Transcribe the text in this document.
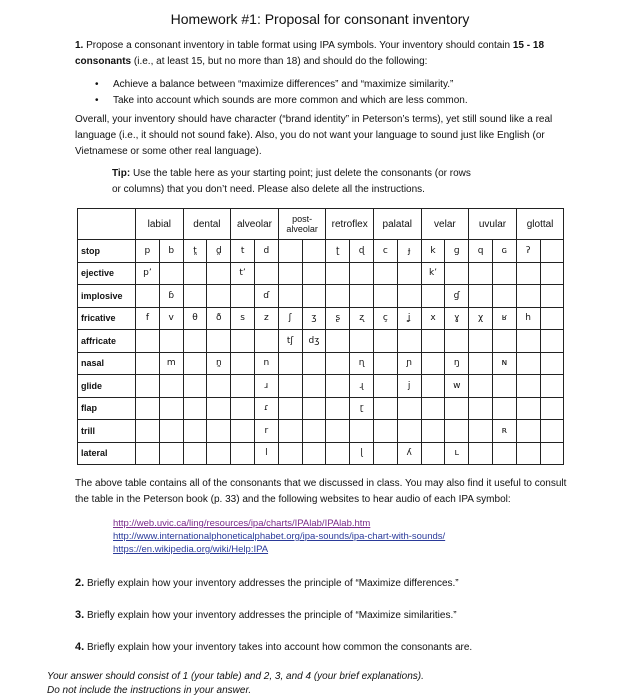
Homework #1: Proposal for consonant inventory
1. Propose a consonant inventory in table format using IPA symbols. Your inventory should contain 15 - 18 consonants (i.e., at least 15, but no more than 18) and should do the following:
• Achieve a balance between “maximize differences” and “maximize similarity.”
• Take into account which sounds are more common and which are less common.
Overall, your inventory should have character (“brand identity” in Peterson’s terms), yet still sound like a real language (i.e., it should not sound fake). Also, you do not want your language to sound just like English (or Vietnamese or some other real language).
Tip: Use the table here as your starting point; just delete the consonants (or rows or columns) that you don’t need. Please also delete all the instructions.
	labial		dental		alveolar		post-alveolar		retroflex		palatal		velar		uvular		glottal	
stop	p	b	t̪	d̪	t	d			ʈ	ɖ	c	ɟ	k	ɡ	q	ɢ	ʔ	
ejective	p’				t’								k’					
implosive		ɓ				ɗ								ɠ				
fricative	f	v	θ	ð	s	z	ʃ	ʒ	ʂ	ʐ	ç	ʝ	x	ɣ	χ	ʁ	h	
affricate							tʃ	dʒ										
nasal		m		n̪		n				ɳ		ɲ		ŋ		ɴ		
glide						ɹ				ɻ		j		w				
flap						ɾ				ɽ								
trill						r										ʀ		
lateral						l				ɭ		ʎ		ʟ				
The above table contains all of the consonants that we discussed in class. You may also find it useful to consult the table in the Peterson book (p. 33) and the following websites to hear audio of each IPA symbol:
http://web.uvic.ca/ling/resources/ipa/charts/IPAlab/IPAlab.htm
http://www.internationalphoneticalphabet.org/ipa-sounds/ipa-chart-with-sounds/
https://en.wikipedia.org/wiki/Help:IPA
2. Briefly explain how your inventory addresses the principle of “Maximize differences.”
3. Briefly explain how your inventory addresses the principle of “Maximize similarities.”
4. Briefly explain how your inventory takes into account how common the consonants are.
Your answer should consist of 1 (your table) and 2, 3, and 4 (your brief explanations).
Do not include the instructions in your answer.
